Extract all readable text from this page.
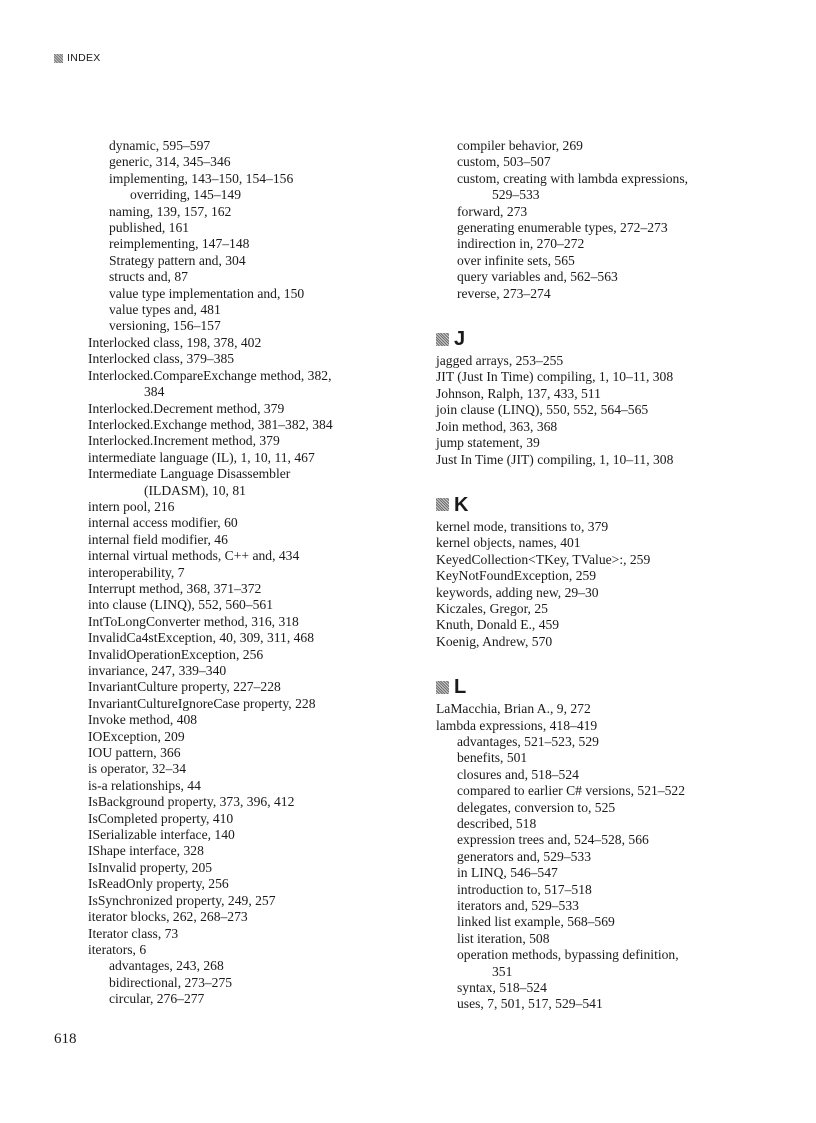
INDEX
dynamic, 595–597
generic, 314, 345–346
implementing, 143–150, 154–156
overriding, 145–149
naming, 139, 157, 162
published, 161
reimplementing, 147–148
Strategy pattern and, 304
structs and, 87
value type implementation and, 150
value types and, 481
versioning, 156–157
Interlocked class, 198, 378, 402
Interlocked class, 379–385
Interlocked.CompareExchange method, 382,
384
Interlocked.Decrement method, 379
Interlocked.Exchange method, 381–382, 384
Interlocked.Increment method, 379
intermediate language (IL), 1, 10, 11, 467
Intermediate Language Disassembler
(ILDASM), 10, 81
intern pool, 216
internal access modifier, 60
internal field modifier, 46
internal virtual methods, C++ and, 434
interoperability, 7
Interrupt method, 368, 371–372
into clause (LINQ), 552, 560–561
IntToLongConverter method, 316, 318
InvalidCa4stException, 40, 309, 311, 468
InvalidOperationException, 256
invariance, 247, 339–340
InvariantCulture property, 227–228
InvariantCultureIgnoreCase property, 228
Invoke method, 408
IOException, 209
IOU pattern, 366
is operator, 32–34
is-a relationships, 44
IsBackground property, 373, 396, 412
IsCompleted property, 410
ISerializable interface, 140
IShape interface, 328
IsInvalid property, 205
IsReadOnly property, 256
IsSynchronized property, 249, 257
iterator blocks, 262, 268–273
Iterator class, 73
iterators, 6
advantages, 243, 268
bidirectional, 273–275
circular, 276–277
compiler behavior, 269
custom, 503–507
custom, creating with lambda expressions,
529–533
forward, 273
generating enumerable types, 272–273
indirection in, 270–272
over infinite sets, 565
query variables and, 562–563
reverse, 273–274
J
jagged arrays, 253–255
JIT (Just In Time) compiling, 1, 10–11, 308
Johnson, Ralph, 137, 433, 511
join clause (LINQ), 550, 552, 564–565
Join method, 363, 368
jump statement, 39
Just In Time (JIT) compiling, 1, 10–11, 308
K
kernel mode, transitions to, 379
kernel objects, names, 401
KeyedCollection<TKey, TValue>:, 259
KeyNotFoundException, 259
keywords, adding new, 29–30
Kiczales, Gregor, 25
Knuth, Donald E., 459
Koenig, Andrew, 570
L
LaMacchia, Brian A., 9, 272
lambda expressions, 418–419
advantages, 521–523, 529
benefits, 501
closures and, 518–524
compared to earlier C# versions, 521–522
delegates, conversion to, 525
described, 518
expression trees and, 524–528, 566
generators and, 529–533
in LINQ, 546–547
introduction to, 517–518
iterators and, 529–533
linked list example, 568–569
list iteration, 508
operation methods, bypassing definition,
351
syntax, 518–524
uses, 7, 501, 517, 529–541
618
